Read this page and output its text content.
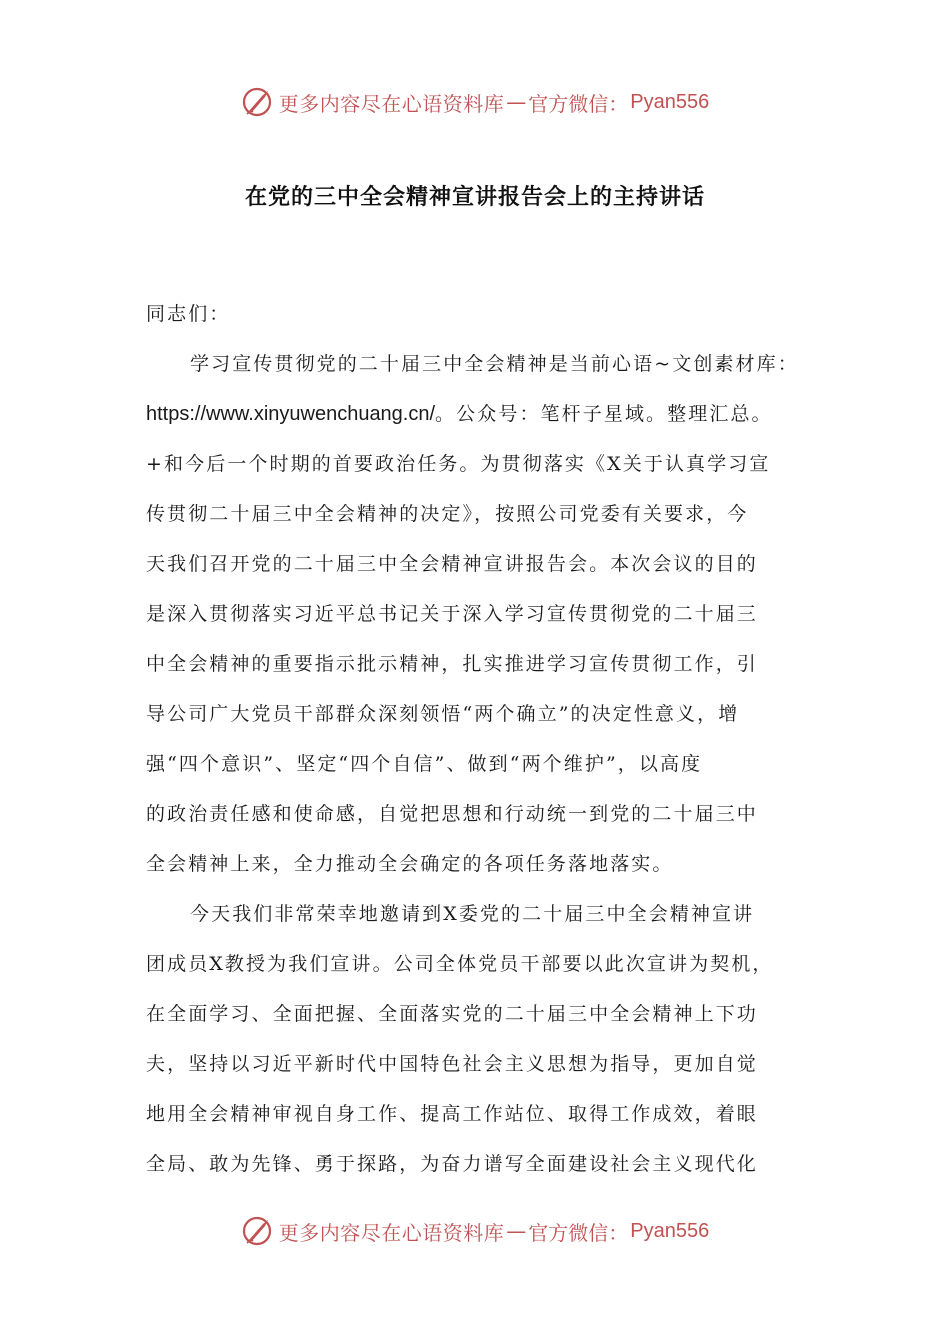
更多内容尽在心语资料库 — 官方微信： Pyan556
在党的三中全会精神宣讲报告会上的主持讲话
同志们：
学习宣传贯彻党的二十届三中全会精神是当前心语~文创素材库：
https://www.xinyuwenchuang.cn/。公众号：笔杆子星域。整理汇总。
+和今后一个时期的首要政治任务。为贯彻落实《X关于认真学习宣
传贯彻二十届三中全会精神的决定》，按照公司党委有关要求，今
天我们召开党的二十届三中全会精神宣讲报告会。本次会议的目的
是深入贯彻落实习近平总书记关于深入学习宣传贯彻党的二十届三
中全会精神的重要指示批示精神，扎实推进学习宣传贯彻工作，引
导公司广大党员干部群众深刻领悟“两个确立”的决定性意义，增
强“四个意识”、坚定“四个自信”、做到“两个维护”，以高度
的政治责任感和使命感，自觉把思想和行动统一到党的二十届三中
全会精神上来，全力推动全会确定的各项任务落地落实。
今天我们非常荣幸地邀请到X委党的二十届三中全会精神宣讲
团成员X教授为我们宣讲。公司全体党员干部要以此次宣讲为契机，
在全面学习、全面把握、全面落实党的二十届三中全会精神上下功
夫，坚持以习近平新时代中国特色社会主义思想为指导，更加自觉
地用全会精神审视自身工作、提高工作站位、取得工作成效，着眼
全局、敢为先锋、勇于探路，为奋力谱写全面建设社会主义现代化
更多内容尽在心语资料库 — 官方微信： Pyan556
